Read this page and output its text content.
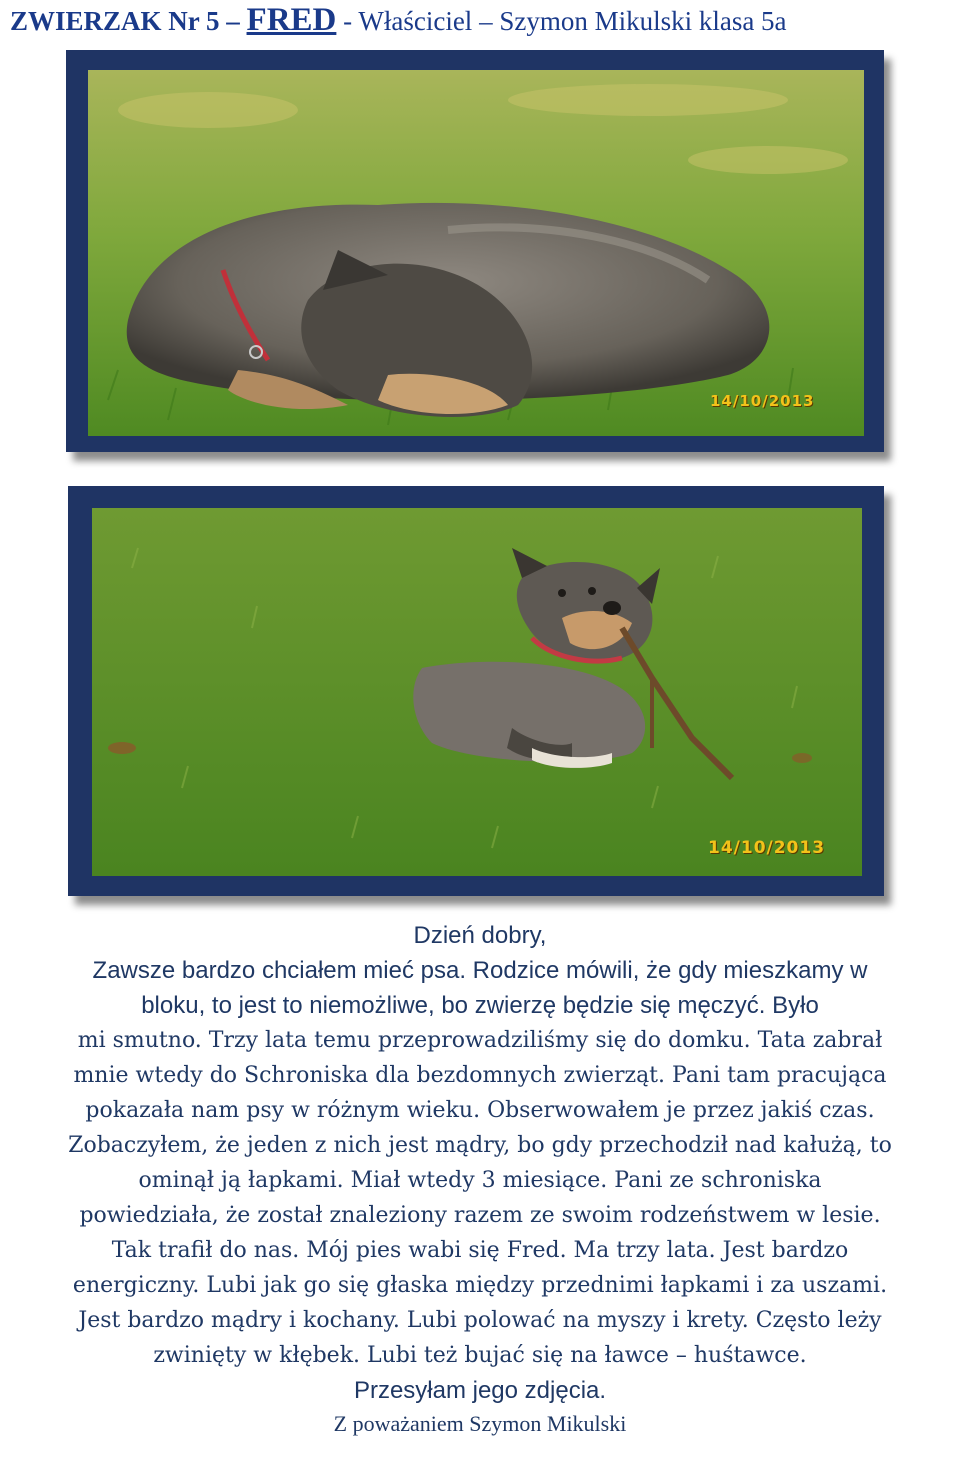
ZWIERZAK Nr 5 – FRED - Właściciel – Szymon Mikulski klasa 5a
14/10/2013
14/10/2013
Dzień dobry,
Zawsze bardzo chciałem mieć psa. Rodzice mówili, że gdy mieszkamy w
bloku, to jest to niemożliwe, bo zwierzę będzie się męczyć. Było
mi smutno. Trzy lata temu przeprowadziliśmy się do domku. Tata zabrał
mnie wtedy do Schroniska dla bezdomnych zwierząt. Pani tam pracująca
pokazała nam psy w różnym wieku. Obserwowałem je przez jakiś czas.
Zobaczyłem, że jeden z nich jest mądry, bo gdy przechodził nad kałużą, to
ominął ją łapkami. Miał wtedy 3 miesiące. Pani ze schroniska
powiedziała, że został znaleziony razem ze swoim rodzeństwem w lesie.
Tak trafił do nas. Mój pies wabi się Fred. Ma trzy lata. Jest bardzo
energiczny. Lubi jak go się głaska między przednimi łapkami i za uszami.
Jest bardzo mądry i kochany. Lubi polować na myszy i krety. Często leży
zwinięty w kłębek. Lubi też bujać się na ławce – huśtawce.
Przesyłam jego zdjęcia.
Z poważaniem Szymon Mikulski
